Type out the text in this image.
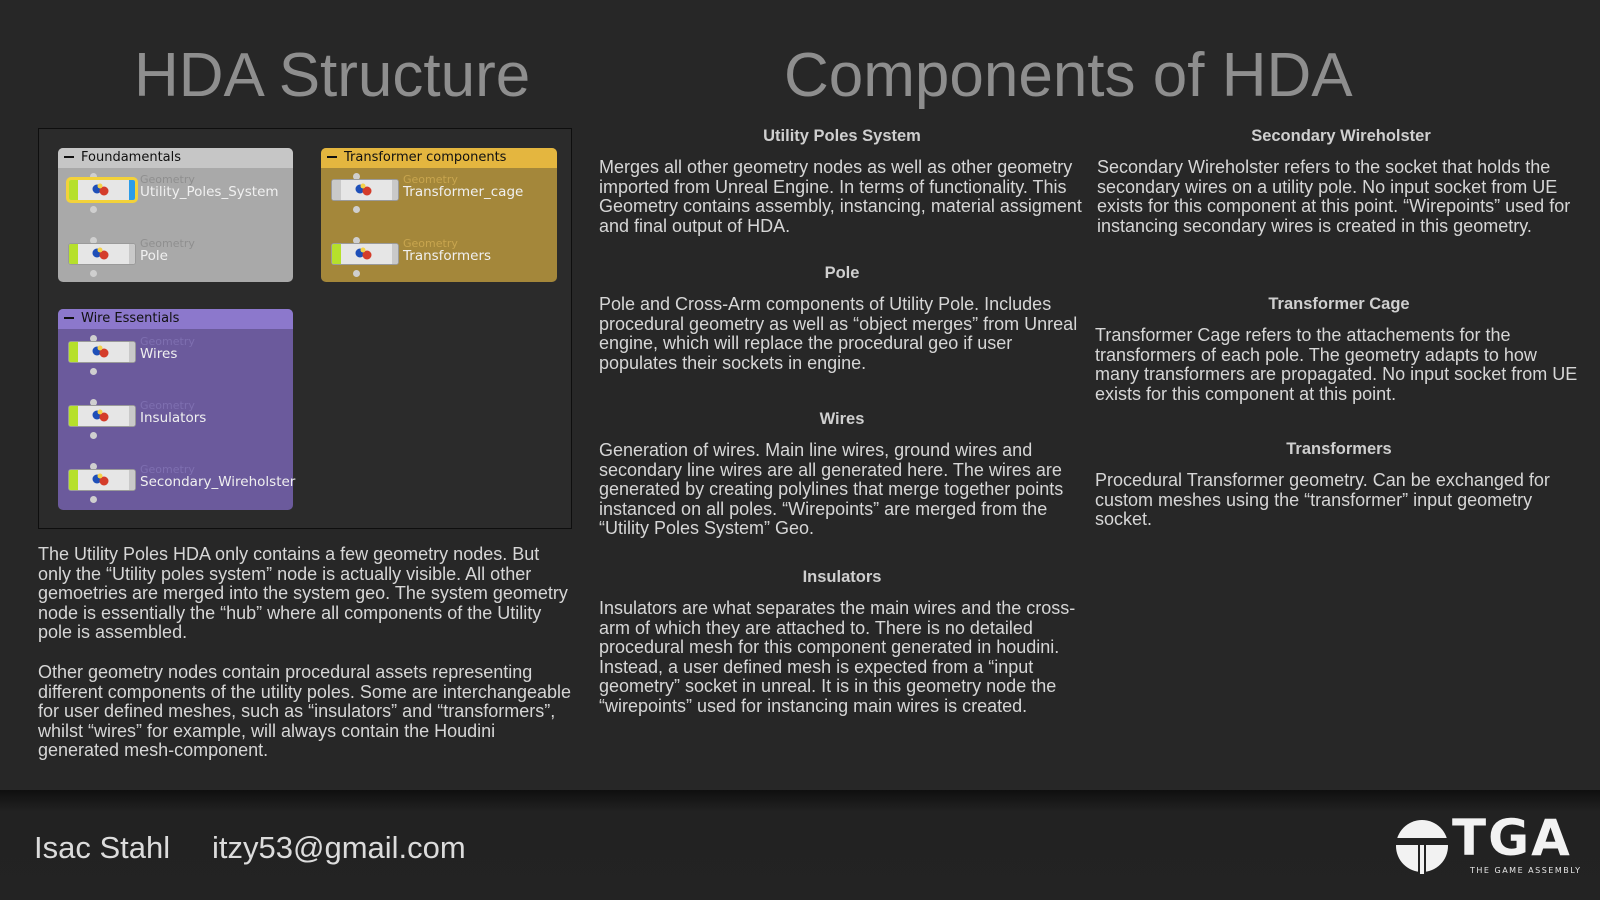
HDA Structure	Components of HDA
Foundamentals
Geometry
Utility_Poles_System
Geometry
Pole
Transformer components
Geometry
Transformer_cage
Geometry
Transformers
Wire Essentials
Geometry
Wires
Geometry
Insulators
Geometry
Secondary_Wireholster
The Utility Poles HDA only contains a few geometry nodes. But only the “Utility poles system” node is actually visible. All other gemoetries are merged into the system geo. The system geometry node is essentially the “hub” where all components of the Utility pole is assembled.
Other geometry nodes contain procedural assets representing different components of the utility poles. Some are interchangeable for user defined meshes, such as “insulators” and “transformers”, whilst “wires” for example, will always contain the Houdini generated mesh-component.
Utility Poles System
Merges all other geometry nodes as well as other geometry imported from Unreal Engine. In terms of functionality. This Geometry contains assembly, instancing, material assigment and final output of HDA.
Pole
Pole and Cross-Arm components of Utility Pole. Includes procedural geometry as well as “object merges” from Unreal engine, which will replace the procedural geo if user populates their sockets in engine.
Wires
Generation of wires. Main line wires, ground wires and secondary line wires are all generated here. The wires are generated by creating polylines that merge together points instanced on all poles. “Wirepoints” are merged from the “Utility Poles System” Geo.
Insulators
Insulators are what separates the main wires and the cross-arm of which they are attached to. There is no detailed procedural mesh for this component generated in houdini. Instead, a user defined mesh is expected from a “input geometry” socket in unreal. It is in this geometry node the “wirepoints” used for instancing main wires is created.
Secondary Wireholster
Secondary Wireholster refers to the socket that holds the secondary wires on a utility pole. No input socket from UE exists for this component at this point. “Wirepoints” used for instancing secondary wires is created in this geometry.
Transformer Cage
Transformer Cage refers to the attachements for the transformers of each pole. The geometry adapts to how many transformers are propagated. No input socket from UE exists for this component at this point.
Transformers
Procedural Transformer geometry. Can be exchanged for custom meshes using the “transformer” input geometry socket.
Isac Stahl itzy53@gmail.com	TGA
THE GAME ASSEMBLY
